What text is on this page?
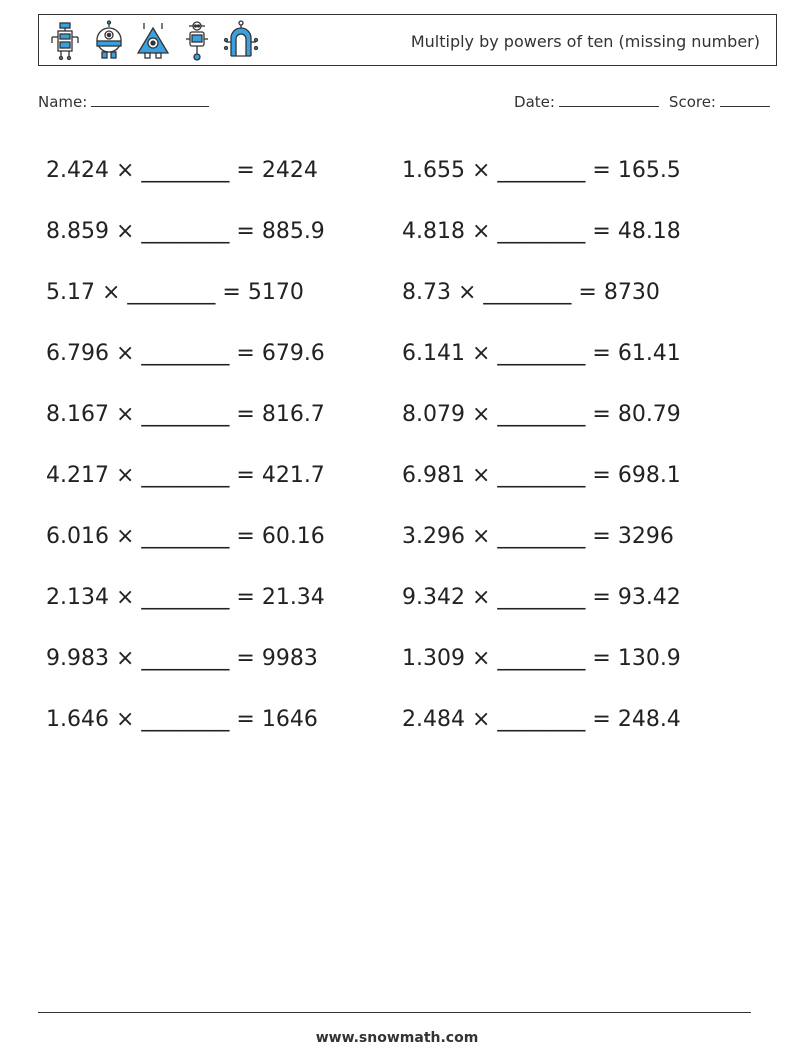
Multiply by powers of ten (missing number)
Name:	Date:	Score:
2.424 × ________ = 2424	1.655 × ________ = 165.5
8.859 × ________ = 885.9	4.818 × ________ = 48.18
5.17 × ________ = 5170	8.73 × ________ = 8730
6.796 × ________ = 679.6	6.141 × ________ = 61.41
8.167 × ________ = 816.7	8.079 × ________ = 80.79
4.217 × ________ = 421.7	6.981 × ________ = 698.1
6.016 × ________ = 60.16	3.296 × ________ = 3296
2.134 × ________ = 21.34	9.342 × ________ = 93.42
9.983 × ________ = 9983	1.309 × ________ = 130.9
1.646 × ________ = 1646	2.484 × ________ = 248.4
www.snowmath.com
